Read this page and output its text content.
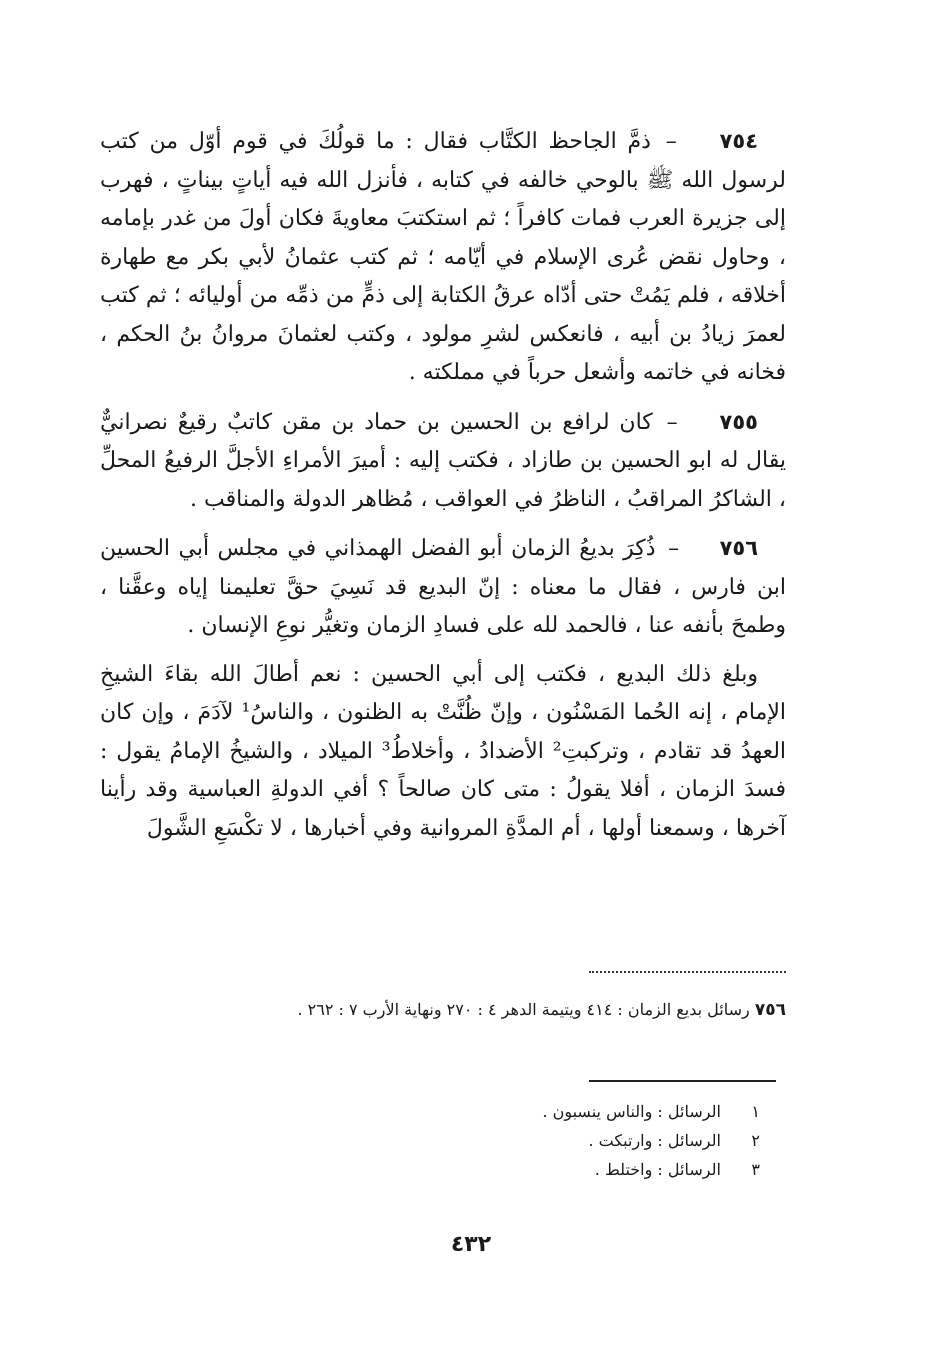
٧٥٤ – ذمَّ الجاحظ الكتَّاب فقال : ما قولُكَ في قوم أوّل من كتب لرسول الله ﷺ بالوحي خالفه في كتابه ، فأنزل الله فيه أياتٍ بيناتٍ ، فهرب إلى جزيرة العرب فمات كافراً ؛ ثم استكتبَ معاويةَ فكان أولَ من غدر بإمامه ، وحاول نقض عُرى الإسلام في أيّامه ؛ ثم كتب عثمانُ لأبي بكر مع طهارة أخلاقه ، فلم يَمُتْ حتى أدّاه عرقُ الكتابة إلى ذمٍّ من ذمِّه من أوليائه ؛ ثم كتب لعمرَ زيادُ بن أبيه ، فانعكس لشرِ مولود ، وكتب لعثمانَ مروانُ بنُ الحكم ، فخانه في خاتمه وأشعل حرباً في مملكته .

٧٥٥ – كان لرافع بن الحسين بن حماد بن مقن كاتبٌ رقيعٌ نصرانيٌّ يقال له ابو الحسين بن طازاد ، فكتب إليه : أميرَ الأمراءِ الأجلَّ الرفيعُ المحلِّ ، الشاكرُ المراقبُ ، الناظرُ في العواقب ، مُظاهر الدولة والمناقب .

٧٥٦ – ذُكِرَ بديعُ الزمان أبو الفضل الهمذاني في مجلس أبي الحسين ابن فارس ، فقال ما معناه : إنّ البديع قد نَسِيَ حقَّ تعليمنا إياه وعقَّنا ، وطمحَ بأنفه عنا ، فالحمد لله على فسادِ الزمان وتغيُّر نوعِ الإنسان .

وبلغ ذلك البديع ، فكتب إلى أبي الحسين : نعم أطالَ الله بقاءَ الشيخِ الإمام ، إنه الحُما المَسْنُون ، وإنّ ظُنَّتْ به الظنون ، والناسُ¹ لآدَمَ ، وإن كان العهدُ قد تقادم ، وتركبتِ² الأضدادُ ، وأخلاطُ³ الميلاد ، والشيخُ الإمامُ يقول : فسدَ الزمان ، أفلا يقولُ : متى كان صالحاً ؟ أفي الدولةِ العباسية وقد رأينا آخرها ، وسمعنا أولها ، أم المدَّةِ المروانية وفي أخبارها ، لا تكْسَعِ الشَّولَ

٧٥٦ رسائل بديع الزمان : ٤١٤ ويتيمة الدهر ٤ : ٢٧٠ ونهاية الأرب ٧ : ٢٦٢ .
١ الرسائل : والناس ينسبون .
٢ الرسائل : وارتبكت .
٣ الرسائل : واختلط .
٤٣٢
